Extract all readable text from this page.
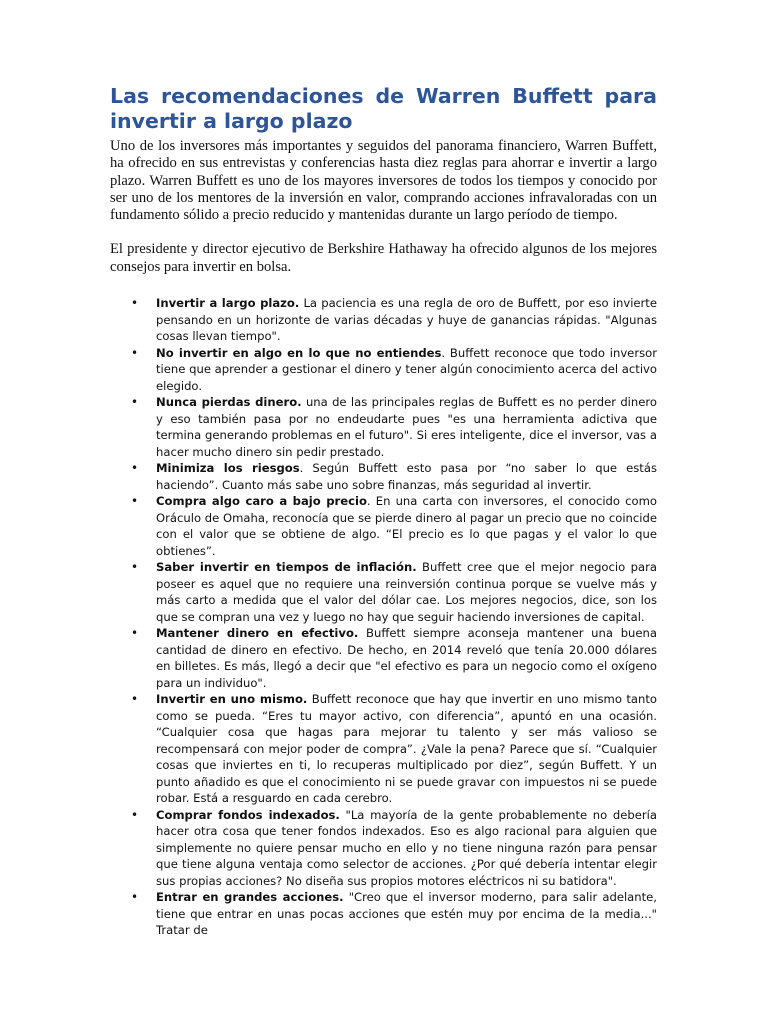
Las recomendaciones de Warren Buffett para invertir a largo plazo

Uno de los inversores más importantes y seguidos del panorama financiero, Warren Buffett, ha ofrecido en sus entrevistas y conferencias hasta diez reglas para ahorrar e invertir a largo plazo. Warren Buffett es uno de los mayores inversores de todos los tiempos y conocido por ser uno de los mentores de la inversión en valor, comprando acciones infravaloradas con un fundamento sólido a precio reducido y mantenidas durante un largo período de tiempo.

El presidente y director ejecutivo de Berkshire Hathaway ha ofrecido algunos de los mejores consejos para invertir en bolsa.

• Invertir a largo plazo. La paciencia es una regla de oro de Buffett, por eso invierte pensando en un horizonte de varias décadas y huye de ganancias rápidas. "Algunas cosas llevan tiempo".
• No invertir en algo en lo que no entiendes. Buffett reconoce que todo inversor tiene que aprender a gestionar el dinero y tener algún conocimiento acerca del activo elegido.
• Nunca pierdas dinero. una de las principales reglas de Buffett es no perder dinero y eso también pasa por no endeudarte pues "es una herramienta adictiva que termina generando problemas en el futuro". Si eres inteligente, dice el inversor, vas a hacer mucho dinero sin pedir prestado.
• Minimiza los riesgos. Según Buffett esto pasa por “no saber lo que estás haciendo”. Cuanto más sabe uno sobre finanzas, más seguridad al invertir.
• Compra algo caro a bajo precio. En una carta con inversores, el conocido como Oráculo de Omaha, reconocía que se pierde dinero al pagar un precio que no coincide con el valor que se obtiene de algo. “El precio es lo que pagas y el valor lo que obtienes”.
• Saber invertir en tiempos de inflación. Buffett cree que el mejor negocio para poseer es aquel que no requiere una reinversión continua porque se vuelve más y más carto a medida que el valor del dólar cae. Los mejores negocios, dice, son los que se compran una vez y luego no hay que seguir haciendo inversiones de capital.
• Mantener dinero en efectivo. Buffett siempre aconseja mantener una buena cantidad de dinero en efectivo. De hecho, en 2014 reveló que tenía 20.000 dólares en billetes. Es más, llegó a decir que "el efectivo es para un negocio como el oxígeno para un individuo".
• Invertir en uno mismo. Buffett reconoce que hay que invertir en uno mismo tanto como se pueda. “Eres tu mayor activo, con diferencia”, apuntó en una ocasión. “Cualquier cosa que hagas para mejorar tu talento y ser más valioso se recompensará con mejor poder de compra”. ¿Vale la pena? Parece que sí. “Cualquier cosas que inviertes en ti, lo recuperas multiplicado por diez”, según Buffett. Y un punto añadido es que el conocimiento ni se puede gravar con impuestos ni se puede robar. Está a resguardo en cada cerebro.
• Comprar fondos indexados. "La mayoría de la gente probablemente no debería hacer otra cosa que tener fondos indexados. Eso es algo racional para alguien que simplemente no quiere pensar mucho en ello y no tiene ninguna razón para pensar que tiene alguna ventaja como selector de acciones. ¿Por qué debería intentar elegir sus propias acciones? No diseña sus propios motores eléctricos ni su batidora".
• Entrar en grandes acciones. "Creo que el inversor moderno, para salir adelante, tiene que entrar en unas pocas acciones que estén muy por encima de la media..." Tratar de
